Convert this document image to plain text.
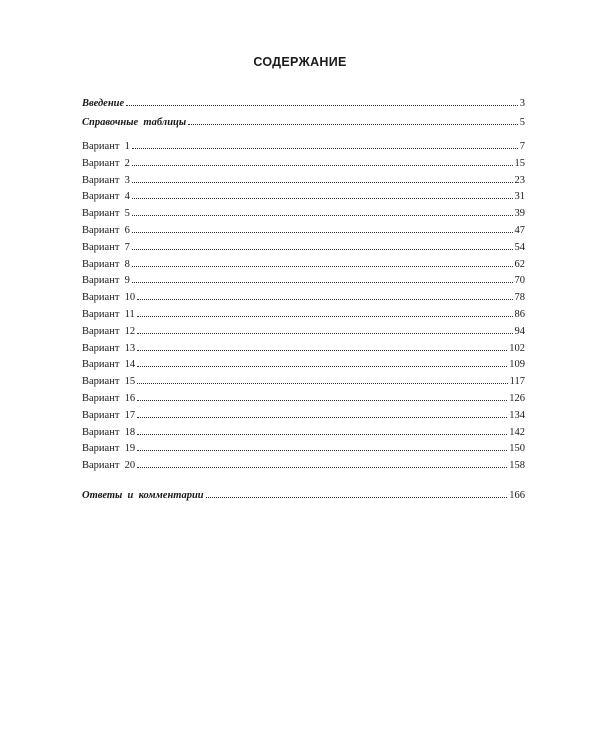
СОДЕРЖАНИЕ
Введение	3
Справочные  таблицы	5
Вариант  1	7
Вариант  2	15
Вариант  3	23
Вариант  4	31
Вариант  5	39
Вариант  6	47
Вариант  7	54
Вариант  8	62
Вариант  9	70
Вариант  10	78
Вариант  11	86
Вариант  12	94
Вариант  13	102
Вариант  14	109
Вариант  15	117
Вариант  16	126
Вариант  17	134
Вариант  18	142
Вариант  19	150
Вариант  20	158
Ответы  и  комментарии	166
